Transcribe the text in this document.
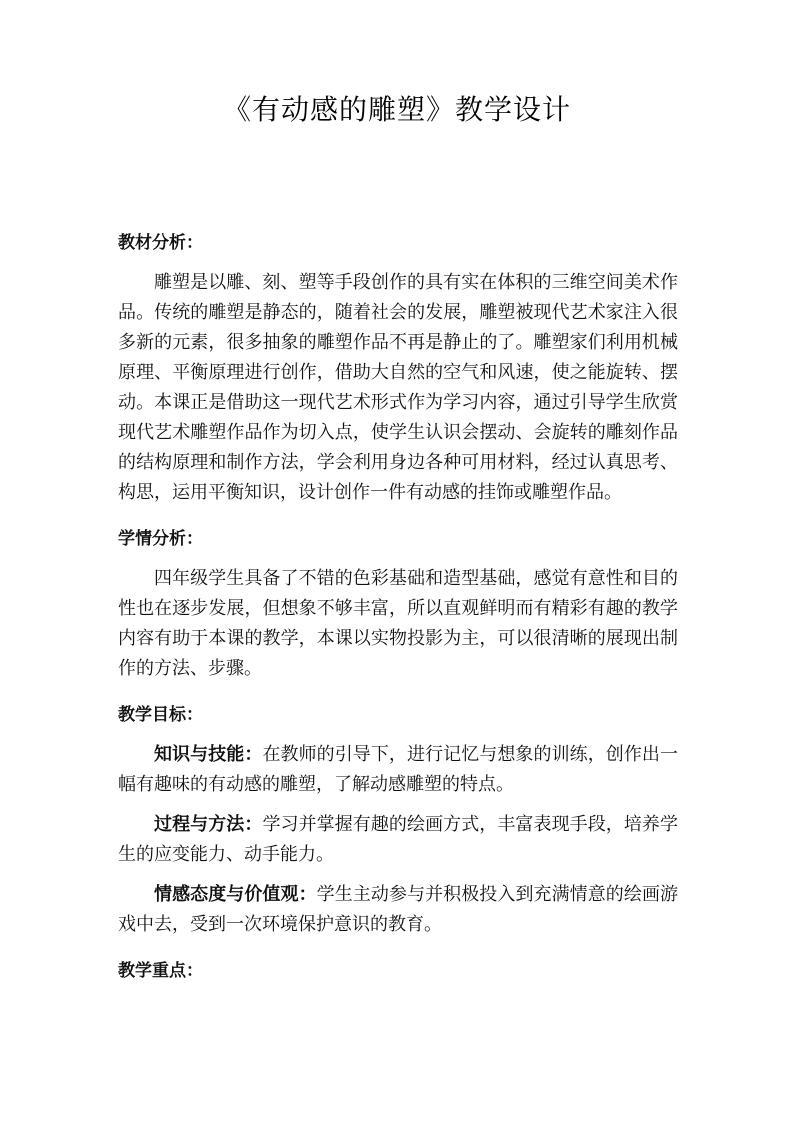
《有动感的雕塑》教学设计
教材分析：

雕塑是以雕、刻、塑等手段创作的具有实在体积的三维空间美术作品。传统的雕塑是静态的，随着社会的发展，雕塑被现代艺术家注入很多新的元素，很多抽象的雕塑作品不再是静止的了。雕塑家们利用机械原理、平衡原理进行创作，借助大自然的空气和风速，使之能旋转、摆动。本课正是借助这一现代艺术形式作为学习内容，通过引导学生欣赏现代艺术雕塑作品作为切入点，使学生认识会摆动、会旋转的雕刻作品的结构原理和制作方法，学会利用身边各种可用材料，经过认真思考、构思，运用平衡知识，设计创作一件有动感的挂饰或雕塑作品。

学情分析：

四年级学生具备了不错的色彩基础和造型基础，感觉有意性和目的性也在逐步发展，但想象不够丰富，所以直观鲜明而有精彩有趣的教学内容有助于本课的教学，本课以实物投影为主，可以很清晰的展现出制作的方法、步骤。

教学目标：

知识与技能：在教师的引导下，进行记忆与想象的训练，创作出一幅有趣味的有动感的雕塑，了解动感雕塑的特点。

过程与方法：学习并掌握有趣的绘画方式，丰富表现手段，培养学生的应变能力、动手能力。

情感态度与价值观：学生主动参与并积极投入到充满情意的绘画游戏中去，受到一次环境保护意识的教育。

教学重点：
